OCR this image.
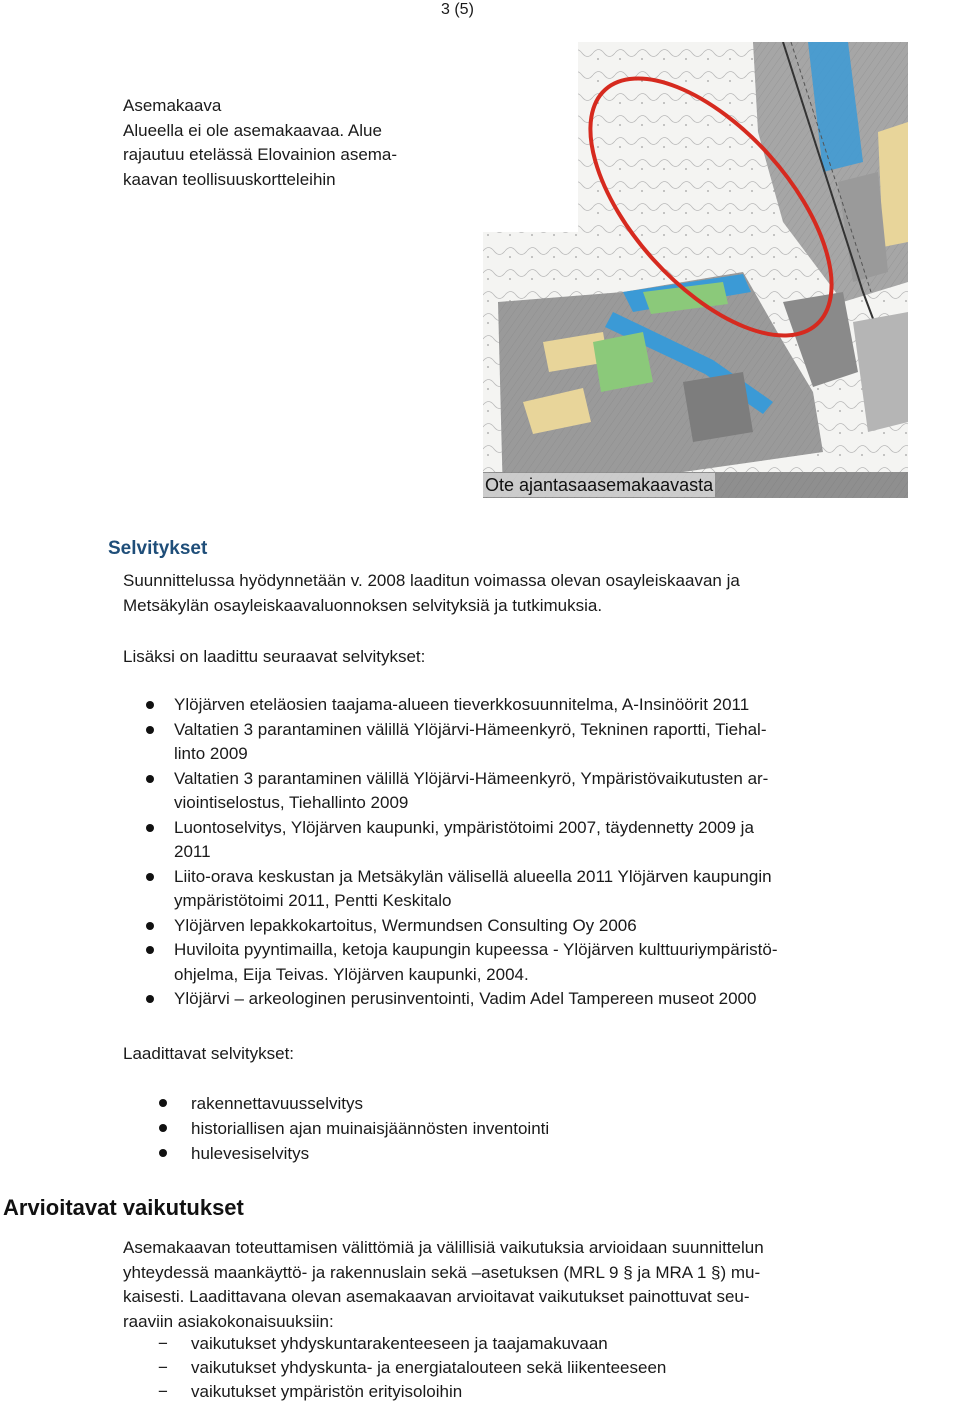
3 (5)
Asemakaava
Alueella ei ole asemakaavaa. Alue
rajautuu etelässä Elovainion asema-
kaavan teollisuuskortteleihin
Ote ajantasaasemakaavasta
Selvitykset
Suunnittelussa hyödynnetään v. 2008 laaditun voimassa olevan osayleiskaavan ja
Metsäkylän osayleiskaavaluonnoksen selvityksiä ja tutkimuksia.
Lisäksi on laadittu seuraavat selvitykset:
Ylöjärven eteläosien taajama-alueen tieverkkosuunnitelma, A-Insinöörit 2011
Valtatien 3 parantaminen välillä Ylöjärvi-Hämeenkyrö, Tekninen raportti, Tiehal-
linto 2009
Valtatien 3 parantaminen välillä Ylöjärvi-Hämeenkyrö, Ympäristövaikutusten ar-
viointiselostus, Tiehallinto 2009
Luontoselvitys, Ylöjärven kaupunki, ympäristötoimi 2007, täydennetty 2009 ja
2011
Liito-orava keskustan ja Metsäkylän välisellä alueella 2011 Ylöjärven kaupungin
ympäristötoimi 2011, Pentti Keskitalo
Ylöjärven lepakkokartoitus, Wermundsen Consulting Oy 2006
Huviloita pyyntimailla, ketoja kaupungin kupeessa - Ylöjärven kulttuuriympäristö-
ohjelma, Eija Teivas. Ylöjärven kaupunki, 2004.
Ylöjärvi – arkeologinen perusinventointi, Vadim Adel Tampereen museot 2000
Laadittavat selvitykset:
rakennettavuusselvitys
historiallisen ajan muinaisjäännösten inventointi
hulevesiselvitys
Arvioitavat vaikutukset
Asemakaavan toteuttamisen välittömiä ja välillisiä vaikutuksia arvioidaan suunnittelun
yhteydessä maankäyttö- ja rakennuslain sekä –asetuksen (MRL 9 § ja MRA 1 §) mu-
kaisesti. Laadittavana olevan asemakaavan arvioitavat vaikutukset painottuvat seu-
raaviin asiakokonaisuuksiin:
− vaikutukset yhdyskuntarakenteeseen ja taajamakuvaan
− vaikutukset yhdyskunta- ja energiatalouteen sekä liikenteeseen
− vaikutukset ympäristön erityisoloihin
